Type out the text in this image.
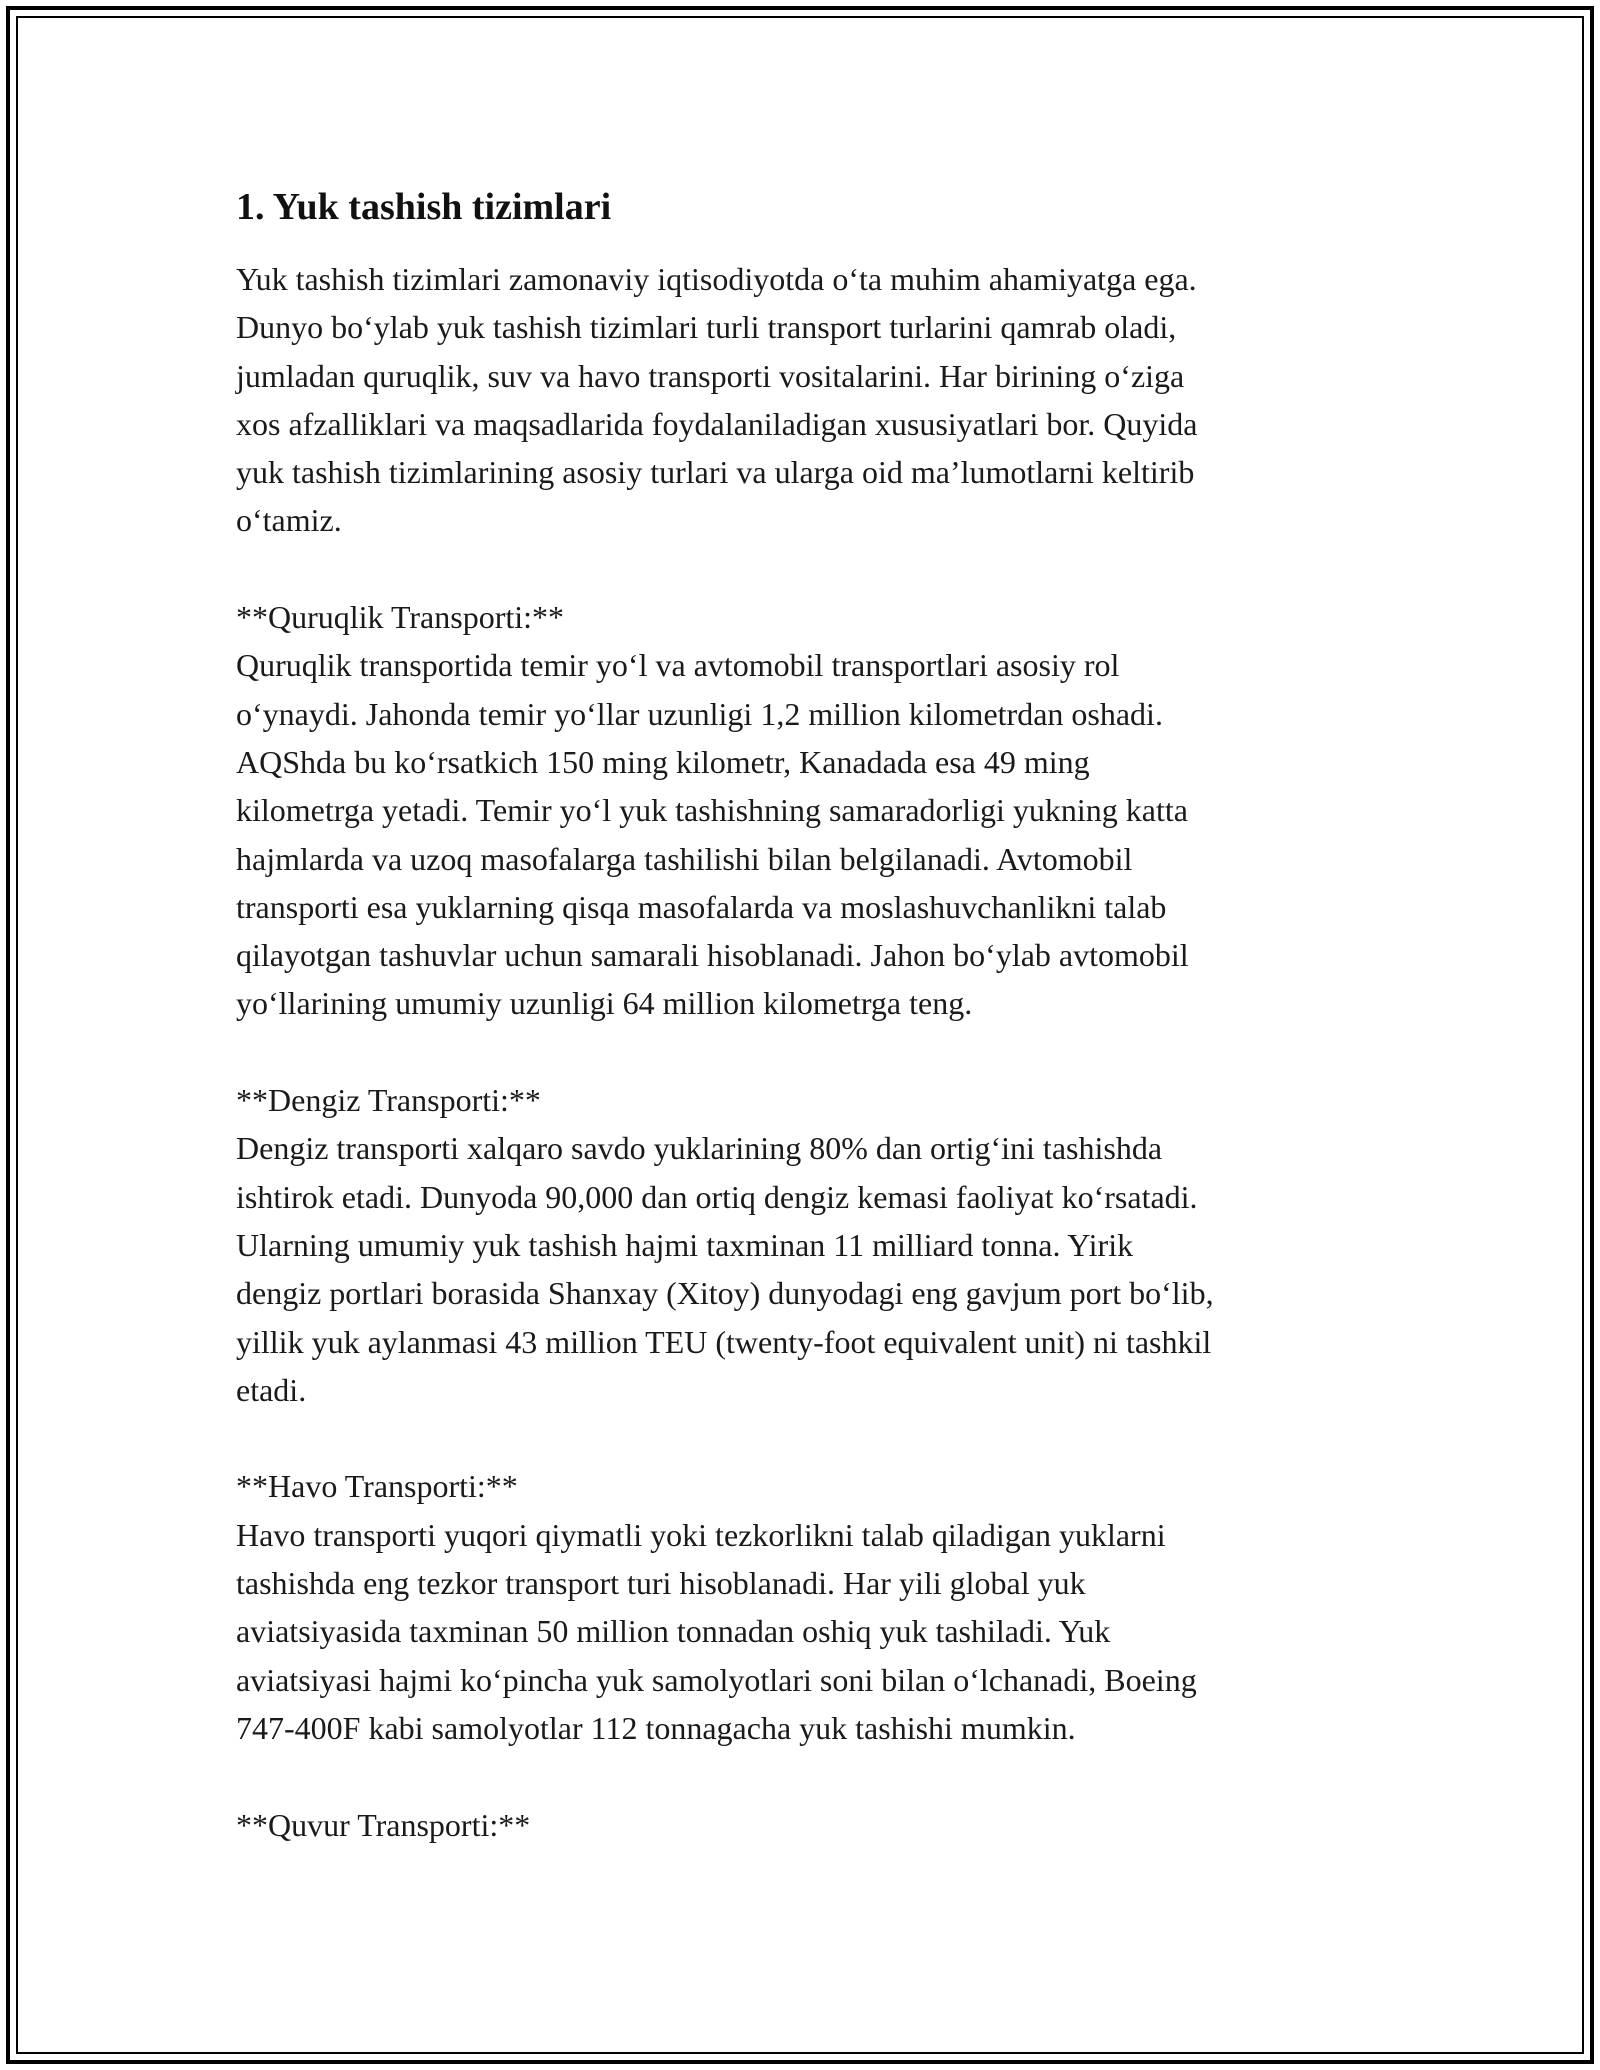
1. Yuk tashish tizimlari

Yuk tashish tizimlari zamonaviy iqtisodiyotda o‘ta muhim ahamiyatga ega.
Dunyo bo‘ylab yuk tashish tizimlari turli transport turlarini qamrab oladi,
jumladan quruqlik, suv va havo transporti vositalarini. Har birining o‘ziga
xos afzalliklari va maqsadlarida foydalaniladigan xususiyatlari bor. Quyida
yuk tashish tizimlarining asosiy turlari va ularga oid ma’lumotlarni keltirib
o‘tamiz.

**Quruqlik Transporti:**

Quruqlik transportida temir yo‘l va avtomobil transportlari asosiy rol
o‘ynaydi. Jahonda temir yo‘llar uzunligi 1,2 million kilometrdan oshadi.
AQShda bu ko‘rsatkich 150 ming kilometr, Kanadada esa 49 ming
kilometrga yetadi. Temir yo‘l yuk tashishning samaradorligi yukning katta
hajmlarda va uzoq masofalarga tashilishi bilan belgilanadi. Avtomobil
transporti esa yuklarning qisqa masofalarda va moslashuvchanlikni talab
qilayotgan tashuvlar uchun samarali hisoblanadi. Jahon bo‘ylab avtomobil
yo‘llarining umumiy uzunligi 64 million kilometrga teng.

**Dengiz Transporti:**

Dengiz transporti xalqaro savdo yuklarining 80% dan ortig‘ini tashishda
ishtirok etadi. Dunyoda 90,000 dan ortiq dengiz kemasi faoliyat ko‘rsatadi.
Ularning umumiy yuk tashish hajmi taxminan 11 milliard tonna. Yirik
dengiz portlari borasida Shanxay (Xitoy) dunyodagi eng gavjum port bo‘lib,
yillik yuk aylanmasi 43 million TEU (twenty-foot equivalent unit) ni tashkil
etadi.

**Havo Transporti:**

Havo transporti yuqori qiymatli yoki tezkorlikni talab qiladigan yuklarni
tashishda eng tezkor transport turi hisoblanadi. Har yili global yuk
aviatsiyasida taxminan 50 million tonnadan oshiq yuk tashiladi. Yuk
aviatsiyasi hajmi ko‘pincha yuk samolyotlari soni bilan o‘lchanadi, Boeing
747-400F kabi samolyotlar 112 tonnagacha yuk tashishi mumkin.

**Quvur Transporti:**
